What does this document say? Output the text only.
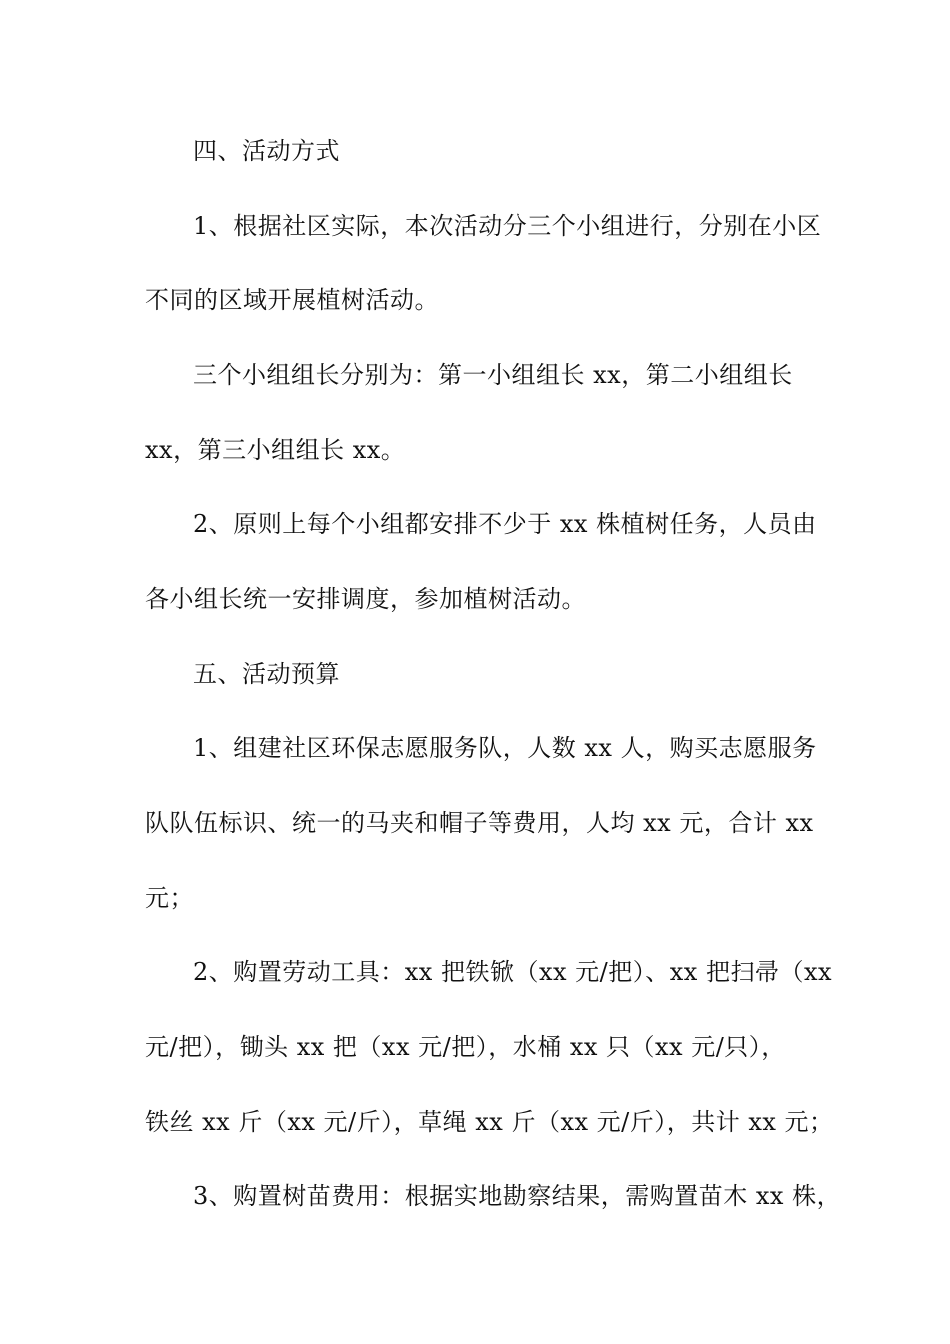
四、活动方式
1、根据社区实际，本次活动分三个小组进行，分别在小区
不同的区域开展植树活动。
三个小组组长分别为：第一小组组长 xx，第二小组组长
xx，第三小组组长 xx。
2、原则上每个小组都安排不少于 xx 株植树任务，人员由
各小组长统一安排调度，参加植树活动。
五、活动预算
1、组建社区环保志愿服务队，人数 xx 人，购买志愿服务
队队伍标识、统一的马夹和帽子等费用，人均 xx 元，合计 xx
元；
2、购置劳动工具：xx 把铁锨（xx 元/把）、xx 把扫帚（xx
元/把），锄头 xx 把（xx 元/把），水桶 xx 只（xx 元/只），
铁丝 xx 斤（xx 元/斤），草绳 xx 斤（xx 元/斤），共计 xx 元；
3、购置树苗费用：根据实地勘察结果，需购置苗木 xx 株，
